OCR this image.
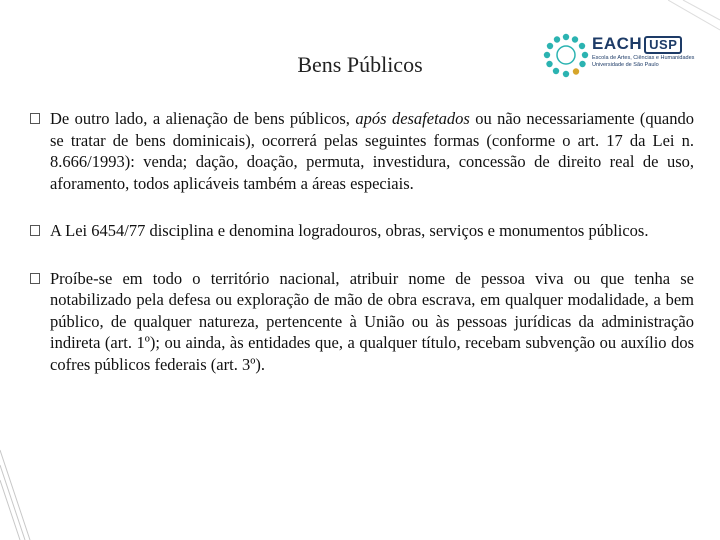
Bens Públicos
EACH USP
Escola de Artes, Ciências e Humanidades Universidade de São Paulo
De outro lado, a alienação de bens públicos, após desafetados ou não necessariamente (quando se tratar de bens dominicais), ocorrerá pelas seguintes formas (conforme o art. 17 da Lei n. 8.666/1993): venda; dação, doação, permuta, investidura, concessão de direito real de uso, aforamento, todos aplicáveis também a áreas especiais.
A Lei 6454/77 disciplina e denomina logradouros, obras, serviços e monumentos públicos.
Proíbe-se em todo o território nacional, atribuir nome de pessoa viva ou que tenha se notabilizado pela defesa ou exploração de mão de obra escrava, em qualquer modalidade, a bem público, de qualquer natureza, pertencente à União ou às pessoas jurídicas da administração indireta (art. 1º); ou ainda, às entidades que, a qualquer título, recebam subvenção ou auxílio dos cofres públicos federais (art. 3º).
